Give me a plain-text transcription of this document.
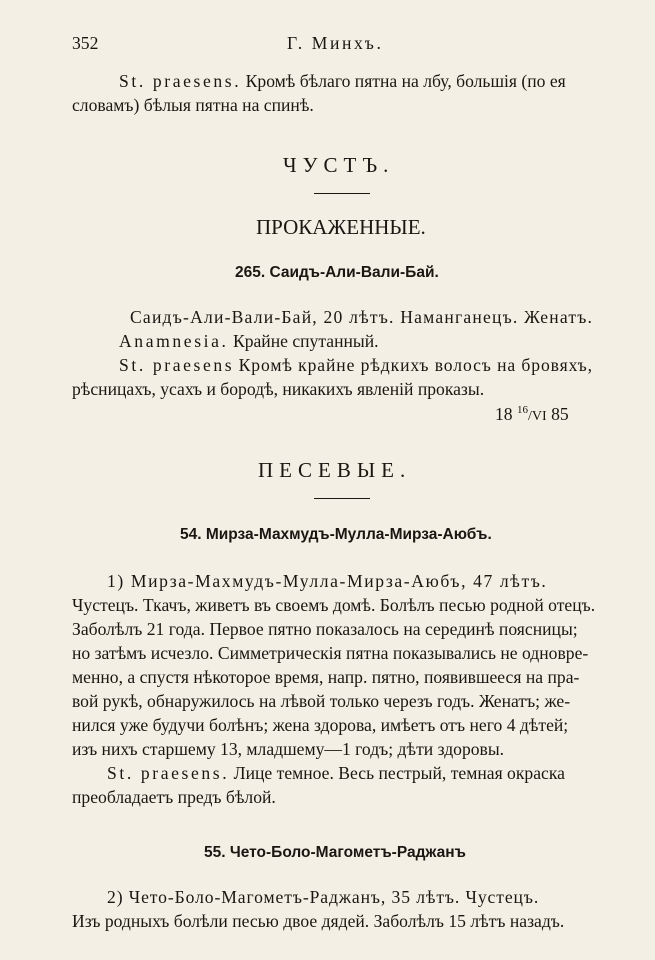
352	Г. Минхъ.
St. praesens. Кромѣ бѣлаго пятна на лбу, большія (по ея
словамъ) бѣлыя пятна на спинѣ.
ЧУСТЪ.
ПРОКАЖЕННЫЕ.
265. Саидъ-Али-Вали-Бай.
Саидъ-Али-Вали-Бай, 20 лѣтъ. Наманганецъ. Женатъ.
Anamnesia. Крайне спутанный.
St. praesens Кромѣ крайне рѣдкихъ волосъ на бровяхъ,
рѣсницахъ, усахъ и бородѣ, никакихъ явленій проказы.
18 $^{16}$/VI 85
ПЕСЕВЫЕ.
54. Мирза-Махмудъ-Мулла-Мирза-Аюбъ.
1) Мирза-Махмудъ-Мулла-Мирза-Аюбъ, 47 лѣтъ.
Чустецъ. Ткачъ, живетъ въ своемъ домѣ. Болѣлъ песью родной отецъ.
Заболѣлъ 21 года. Первое пятно показалось на серединѣ поясницы;
но затѣмъ исчезло. Симметрическія пятна показывались не одновре-
менно, а спустя нѣкоторое время, напр. пятно, появившееся на пра-
вой рукѣ, обнаружилось на лѣвой только черезъ годъ. Женатъ; же-
нился уже будучи болѣнъ; жена здорова, имѣетъ отъ него 4 дѣтей;
изъ нихъ старшему 13, младшему—1 годъ; дѣти здоровы.
St. praesens. Лице темное. Весь пестрый, темная окраска
преобладаетъ предъ бѣлой.
55. Чето-Боло-Магометъ-Раджанъ
2) Чето-Боло-Магометъ-Раджанъ, 35 лѣтъ. Чустецъ.
Изъ родныхъ болѣли песью двое дядей. Заболѣлъ 15 лѣтъ назадъ.
